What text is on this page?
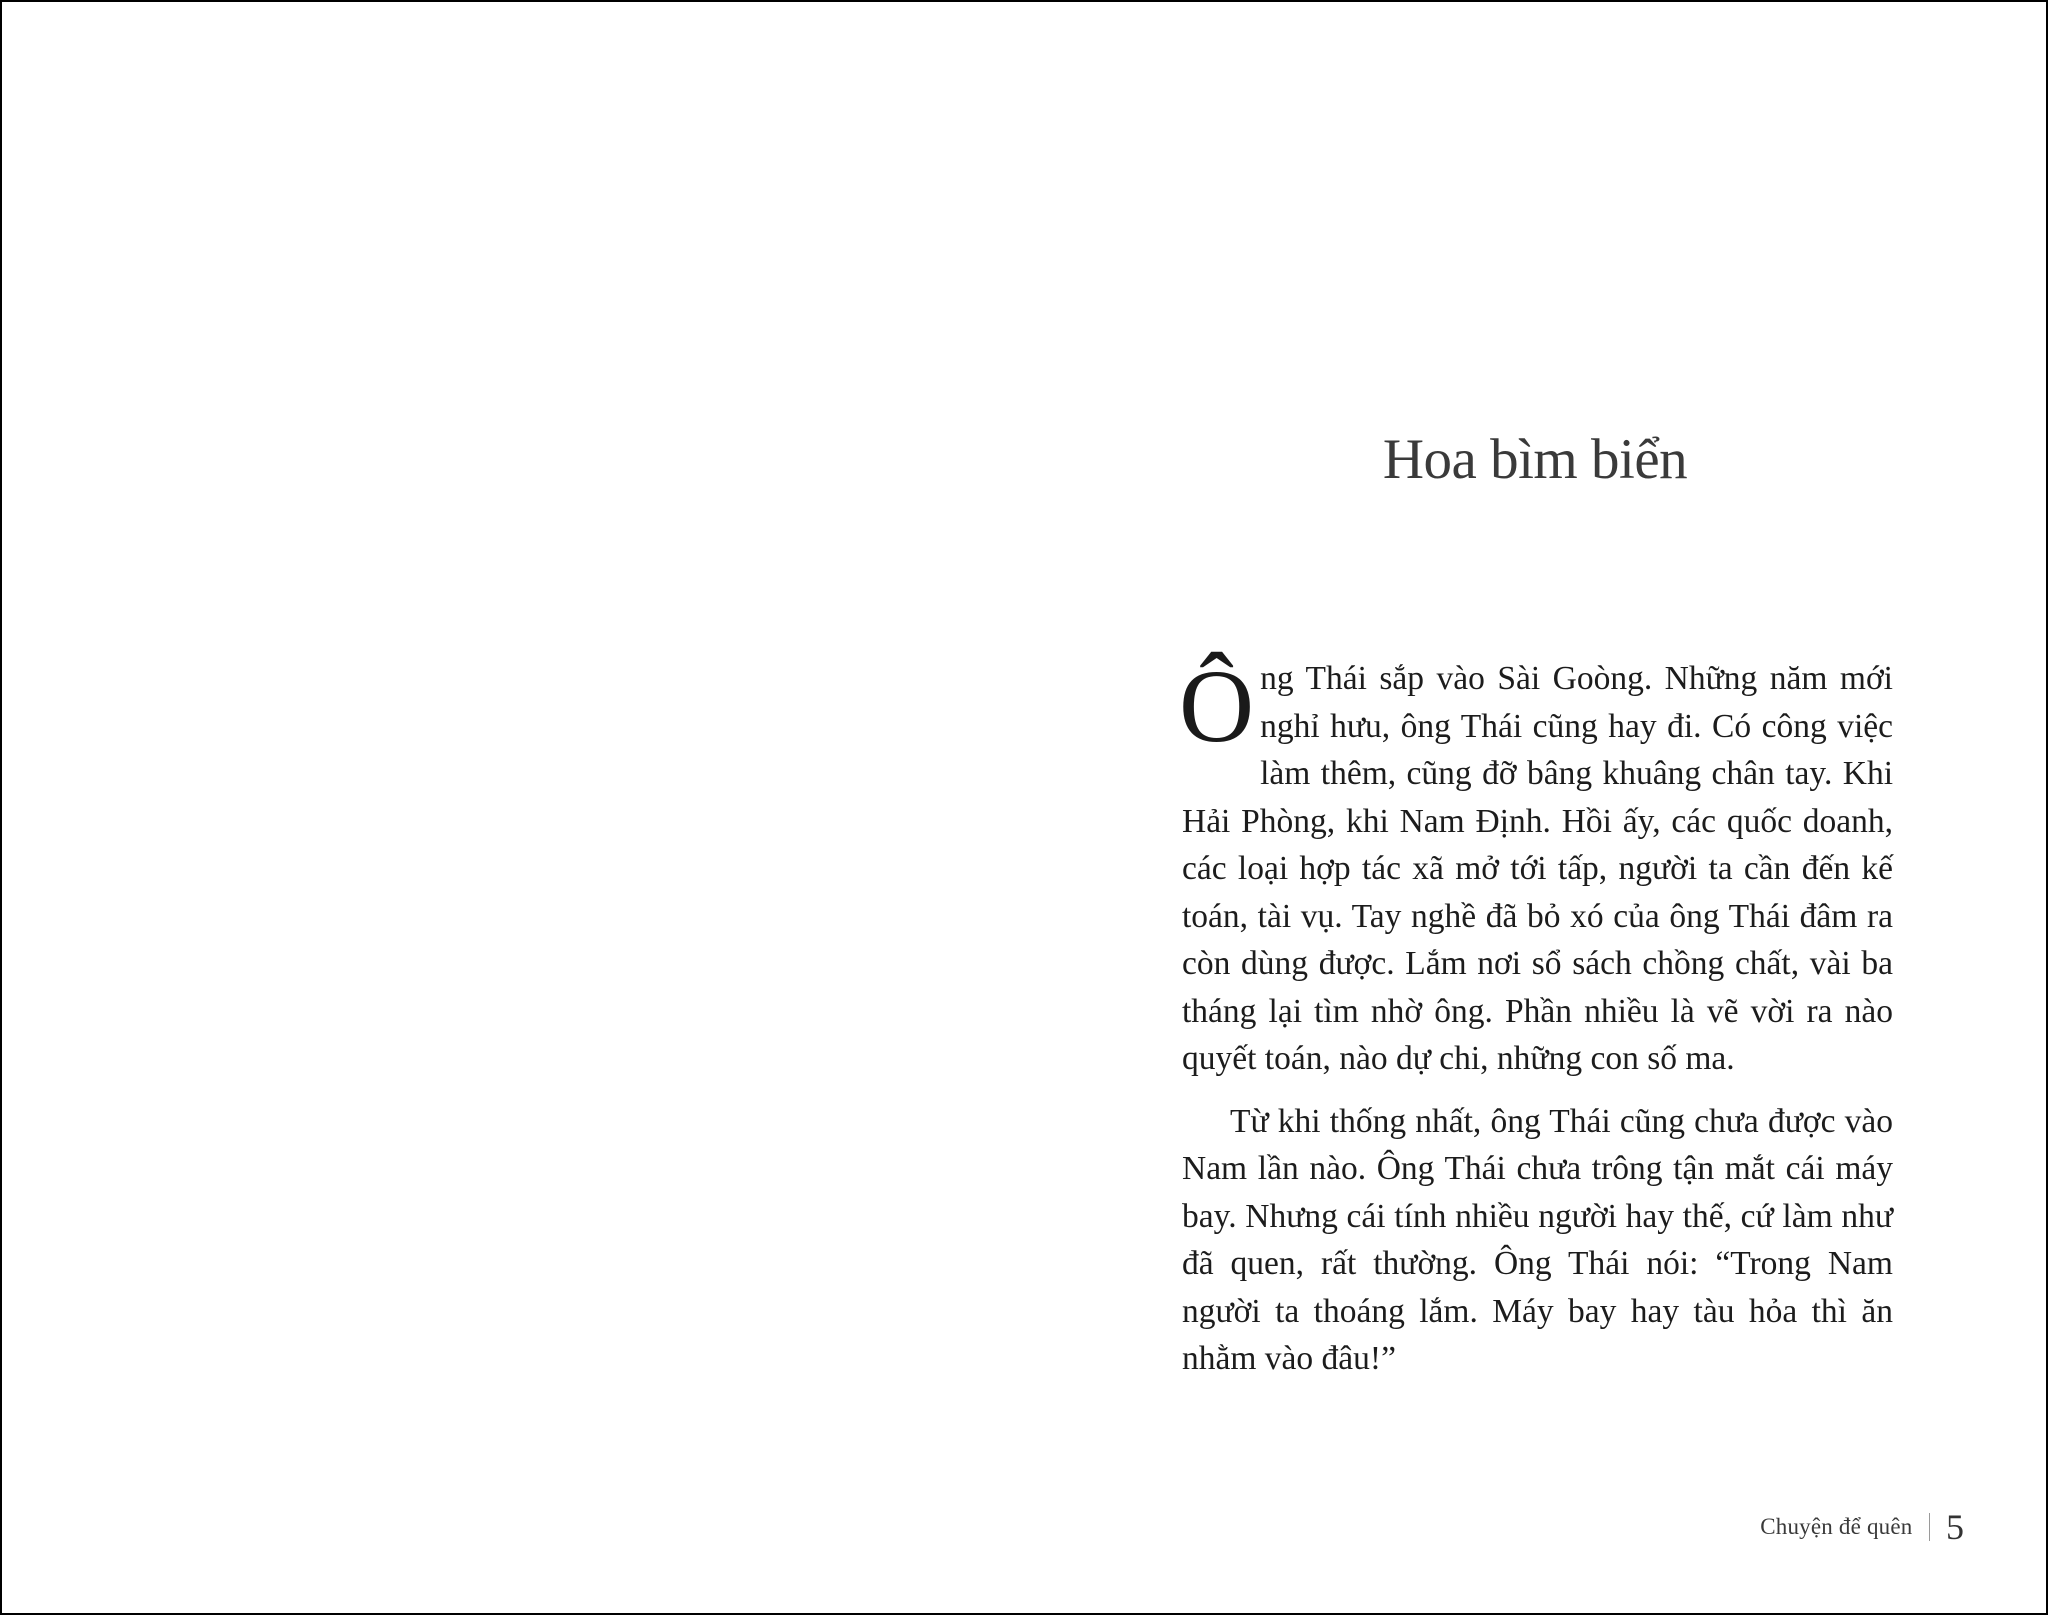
Hoa bìm biển

Ông Thái sắp vào Sài Goòng. Những năm mới nghỉ hưu, ông Thái cũng hay đi. Có công việc làm thêm, cũng đỡ bâng khuâng chân tay. Khi Hải Phòng, khi Nam Định. Hồi ấy, các quốc doanh, các loại hợp tác xã mở tới tấp, người ta cần đến kế toán, tài vụ. Tay nghề đã bỏ xó của ông Thái đâm ra còn dùng được. Lắm nơi sổ sách chồng chất, vài ba tháng lại tìm nhờ ông. Phần nhiều là vẽ vời ra nào quyết toán, nào dự chi, những con số ma.

Từ khi thống nhất, ông Thái cũng chưa được vào Nam lần nào. Ông Thái chưa trông tận mắt cái máy bay. Nhưng cái tính nhiều người hay thế, cứ làm như đã quen, rất thường. Ông Thái nói: “Trong Nam người ta thoáng lắm. Máy bay hay tàu hỏa thì ăn nhằm vào đâu!”

Chuyện để quên 5
